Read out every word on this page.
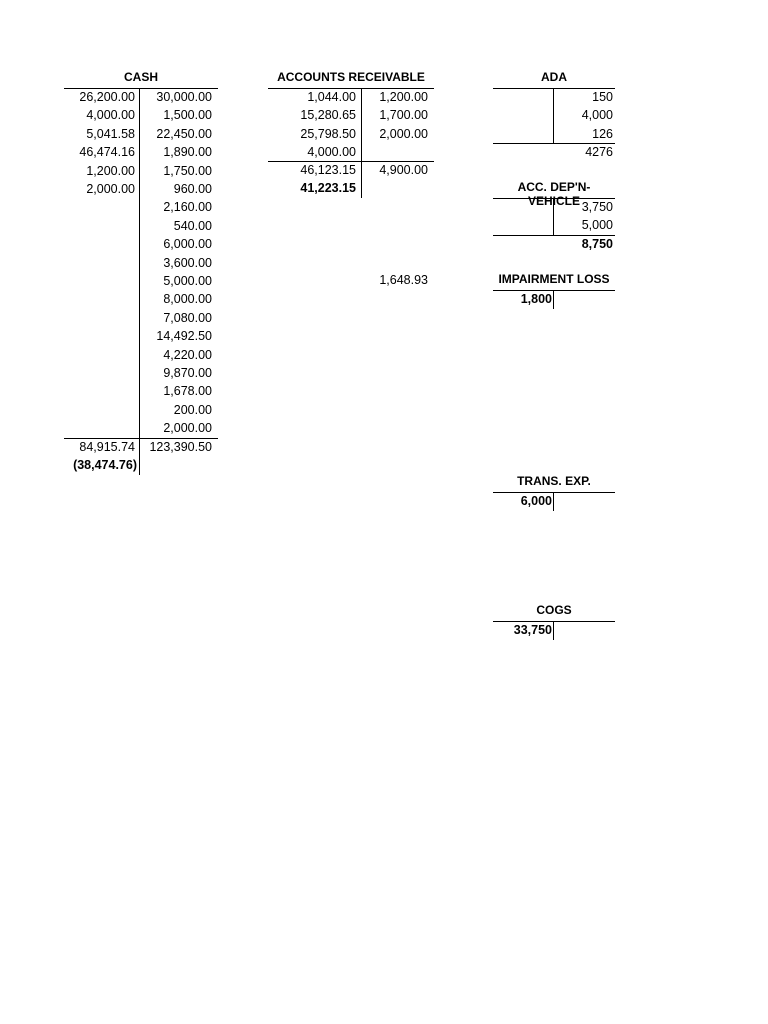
CASH
26,200.00
4,000.00
5,041.58
46,474.16
1,200.00
2,000.00
30,000.00
1,500.00
22,450.00
1,890.00
1,750.00
960.00
2,160.00
540.00
6,000.00
3,600.00
5,000.00
8,000.00
7,080.00
14,492.50
4,220.00
9,870.00
1,678.00
200.00
2,000.00
84,915.74	123,390.50
(38,474.76)
ACCOUNTS RECEIVABLE
1,044.00
15,280.65
25,798.50
4,000.00
1,200.00
1,700.00
2,000.00
46,123.15	4,900.00
41,223.15
1,648.93
ADA
150
4,000
126
4276
ACC. DEP'N-VEHICLE 3,750
5,000
8,750
IMPAIRMENT LOSS
1,800
TRANS. EXP.
6,000
COGS
33,750
